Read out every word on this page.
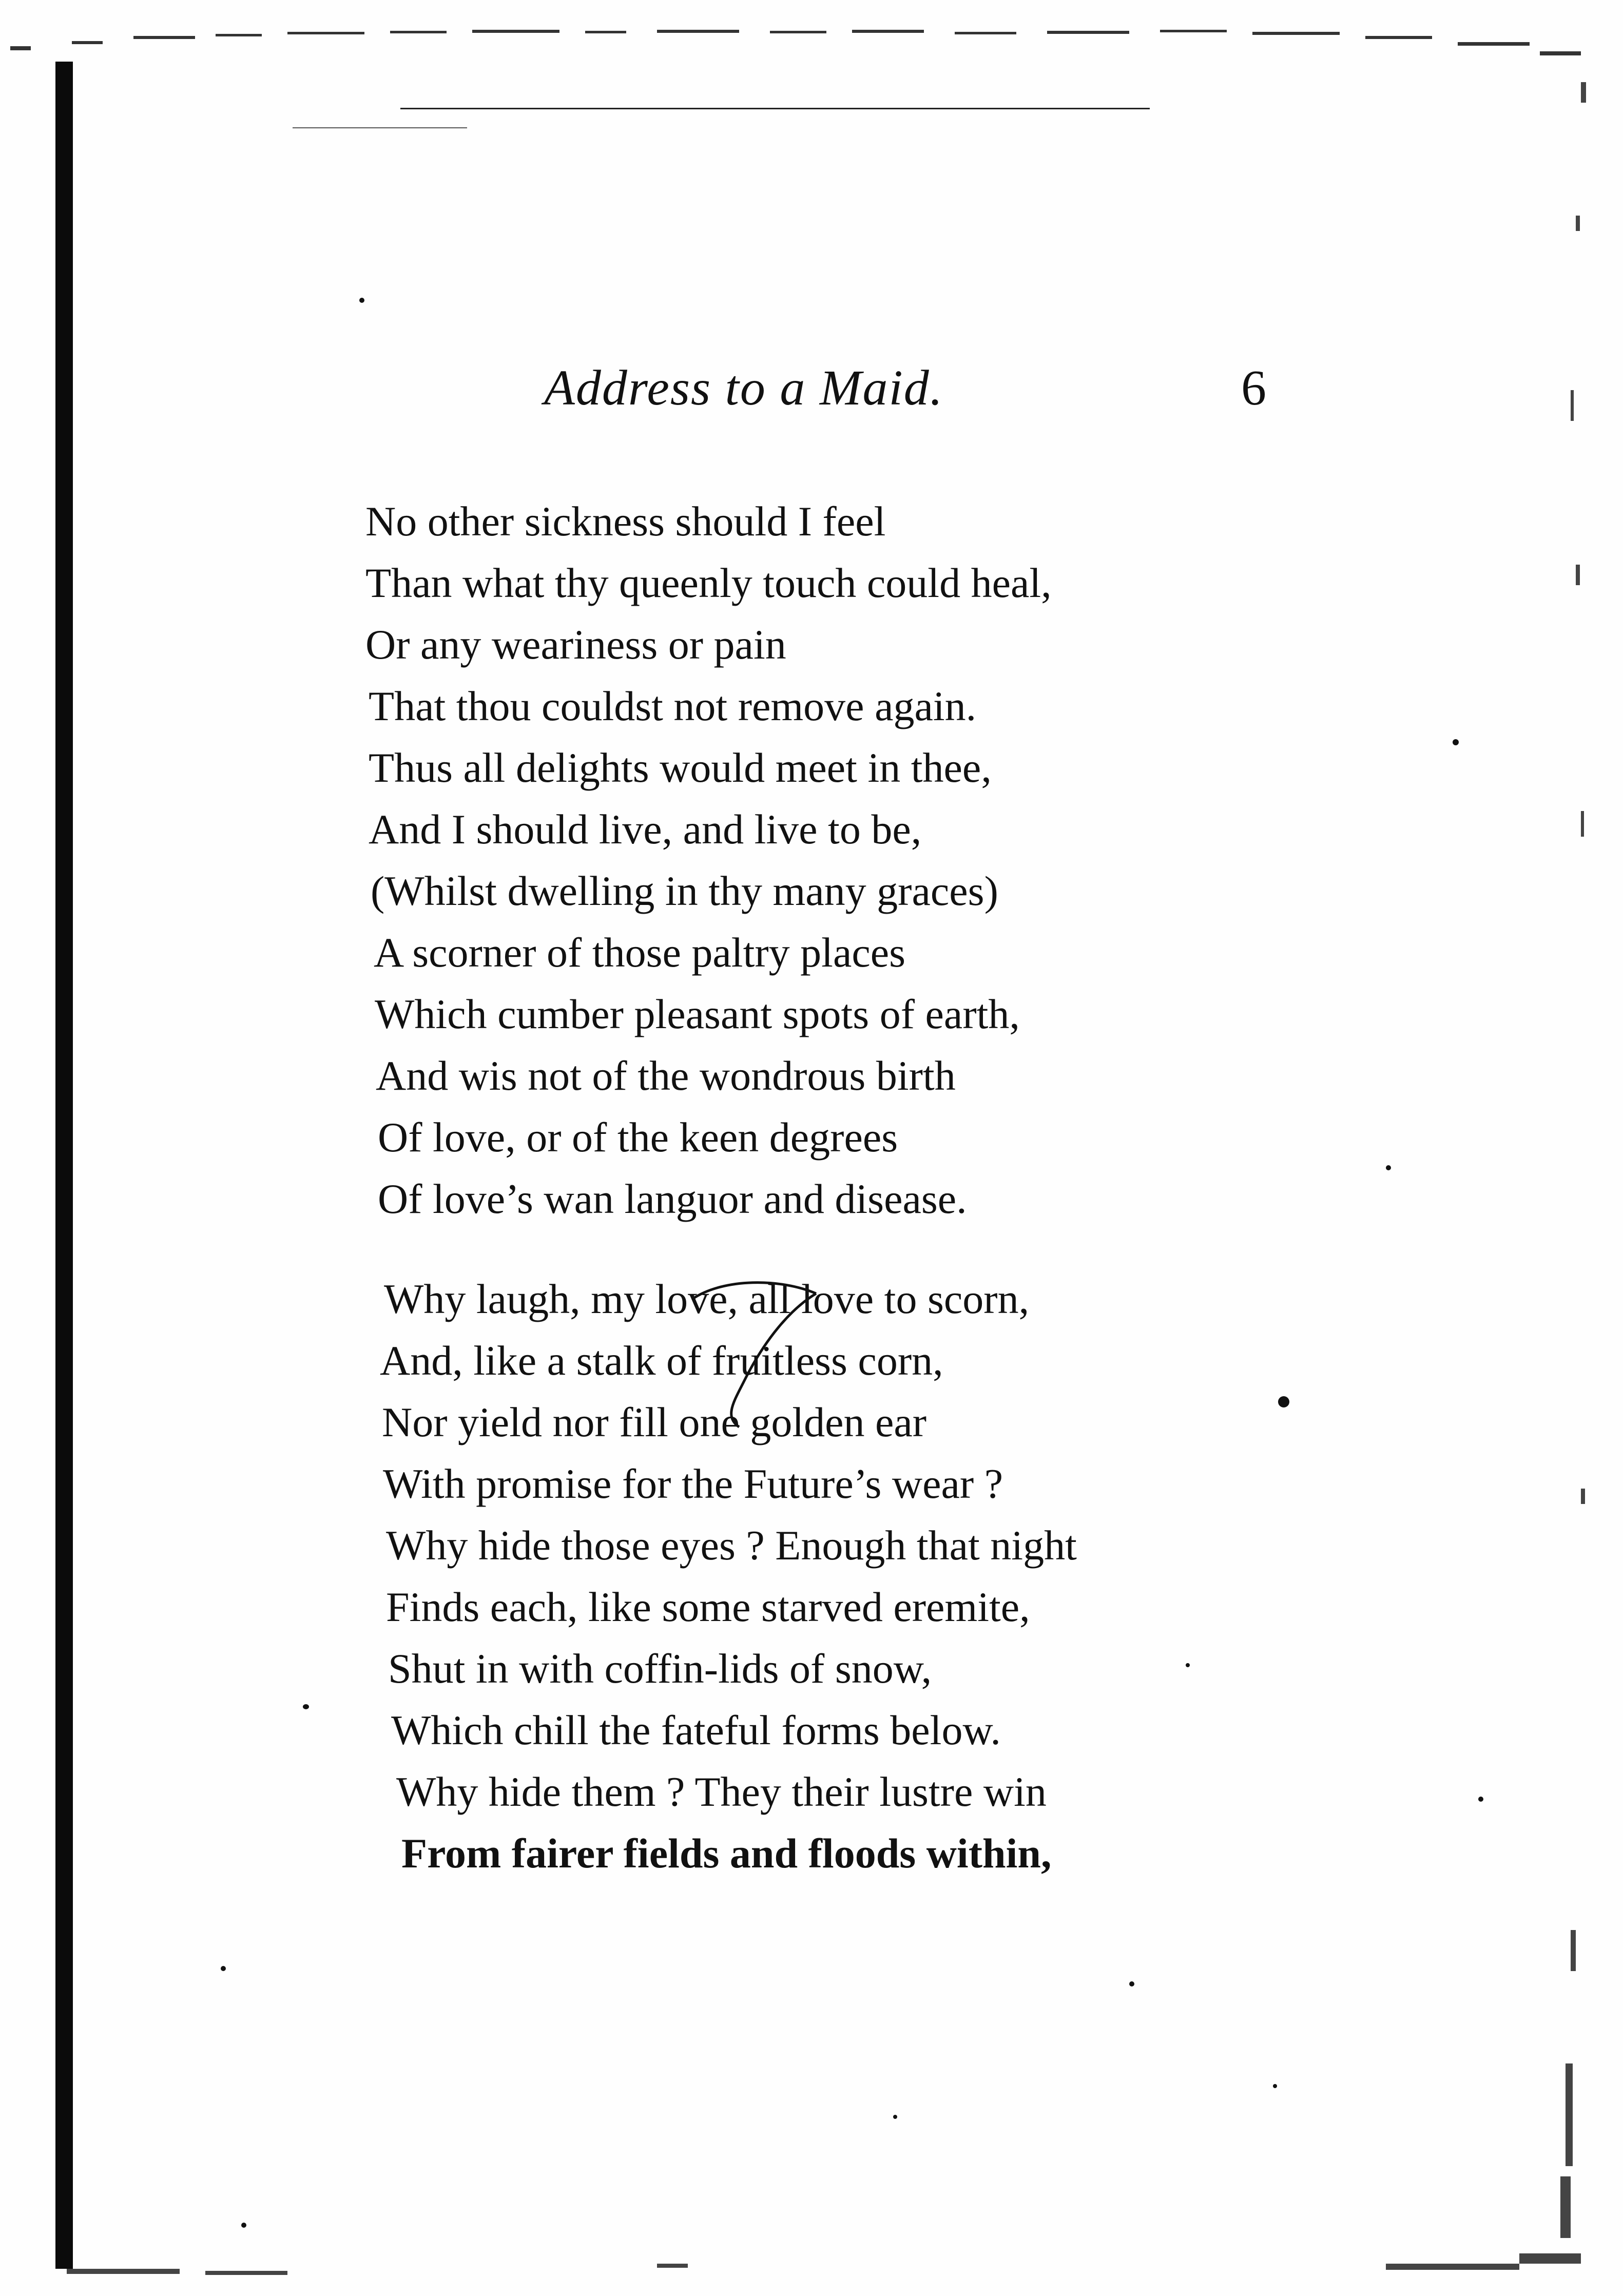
Address to a Maid.	6
No other sickness should I feel
Than what thy queenly touch could heal,
Or any weariness or pain
That thou couldst not remove again.
Thus all delights would meet in thee,
And I should live, and live to be,
(Whilst dwelling in thy many graces)
A scorner of those paltry places
Which cumber pleasant spots of earth,
And wis not of the wondrous birth
Of love, or of the keen degrees
Of love’s wan languor and disease.
Why laugh, my love, all love to scorn,
And, like a stalk of fruitless corn,
Nor yield nor fill one golden ear
With promise for the Future’s wear ?
Why hide those eyes ? Enough that night
Finds each, like some starved eremite,
Shut in with coffin-lids of snow,
Which chill the fateful forms below.
Why hide them ? They their lustre win
From fairer fields and floods within,
